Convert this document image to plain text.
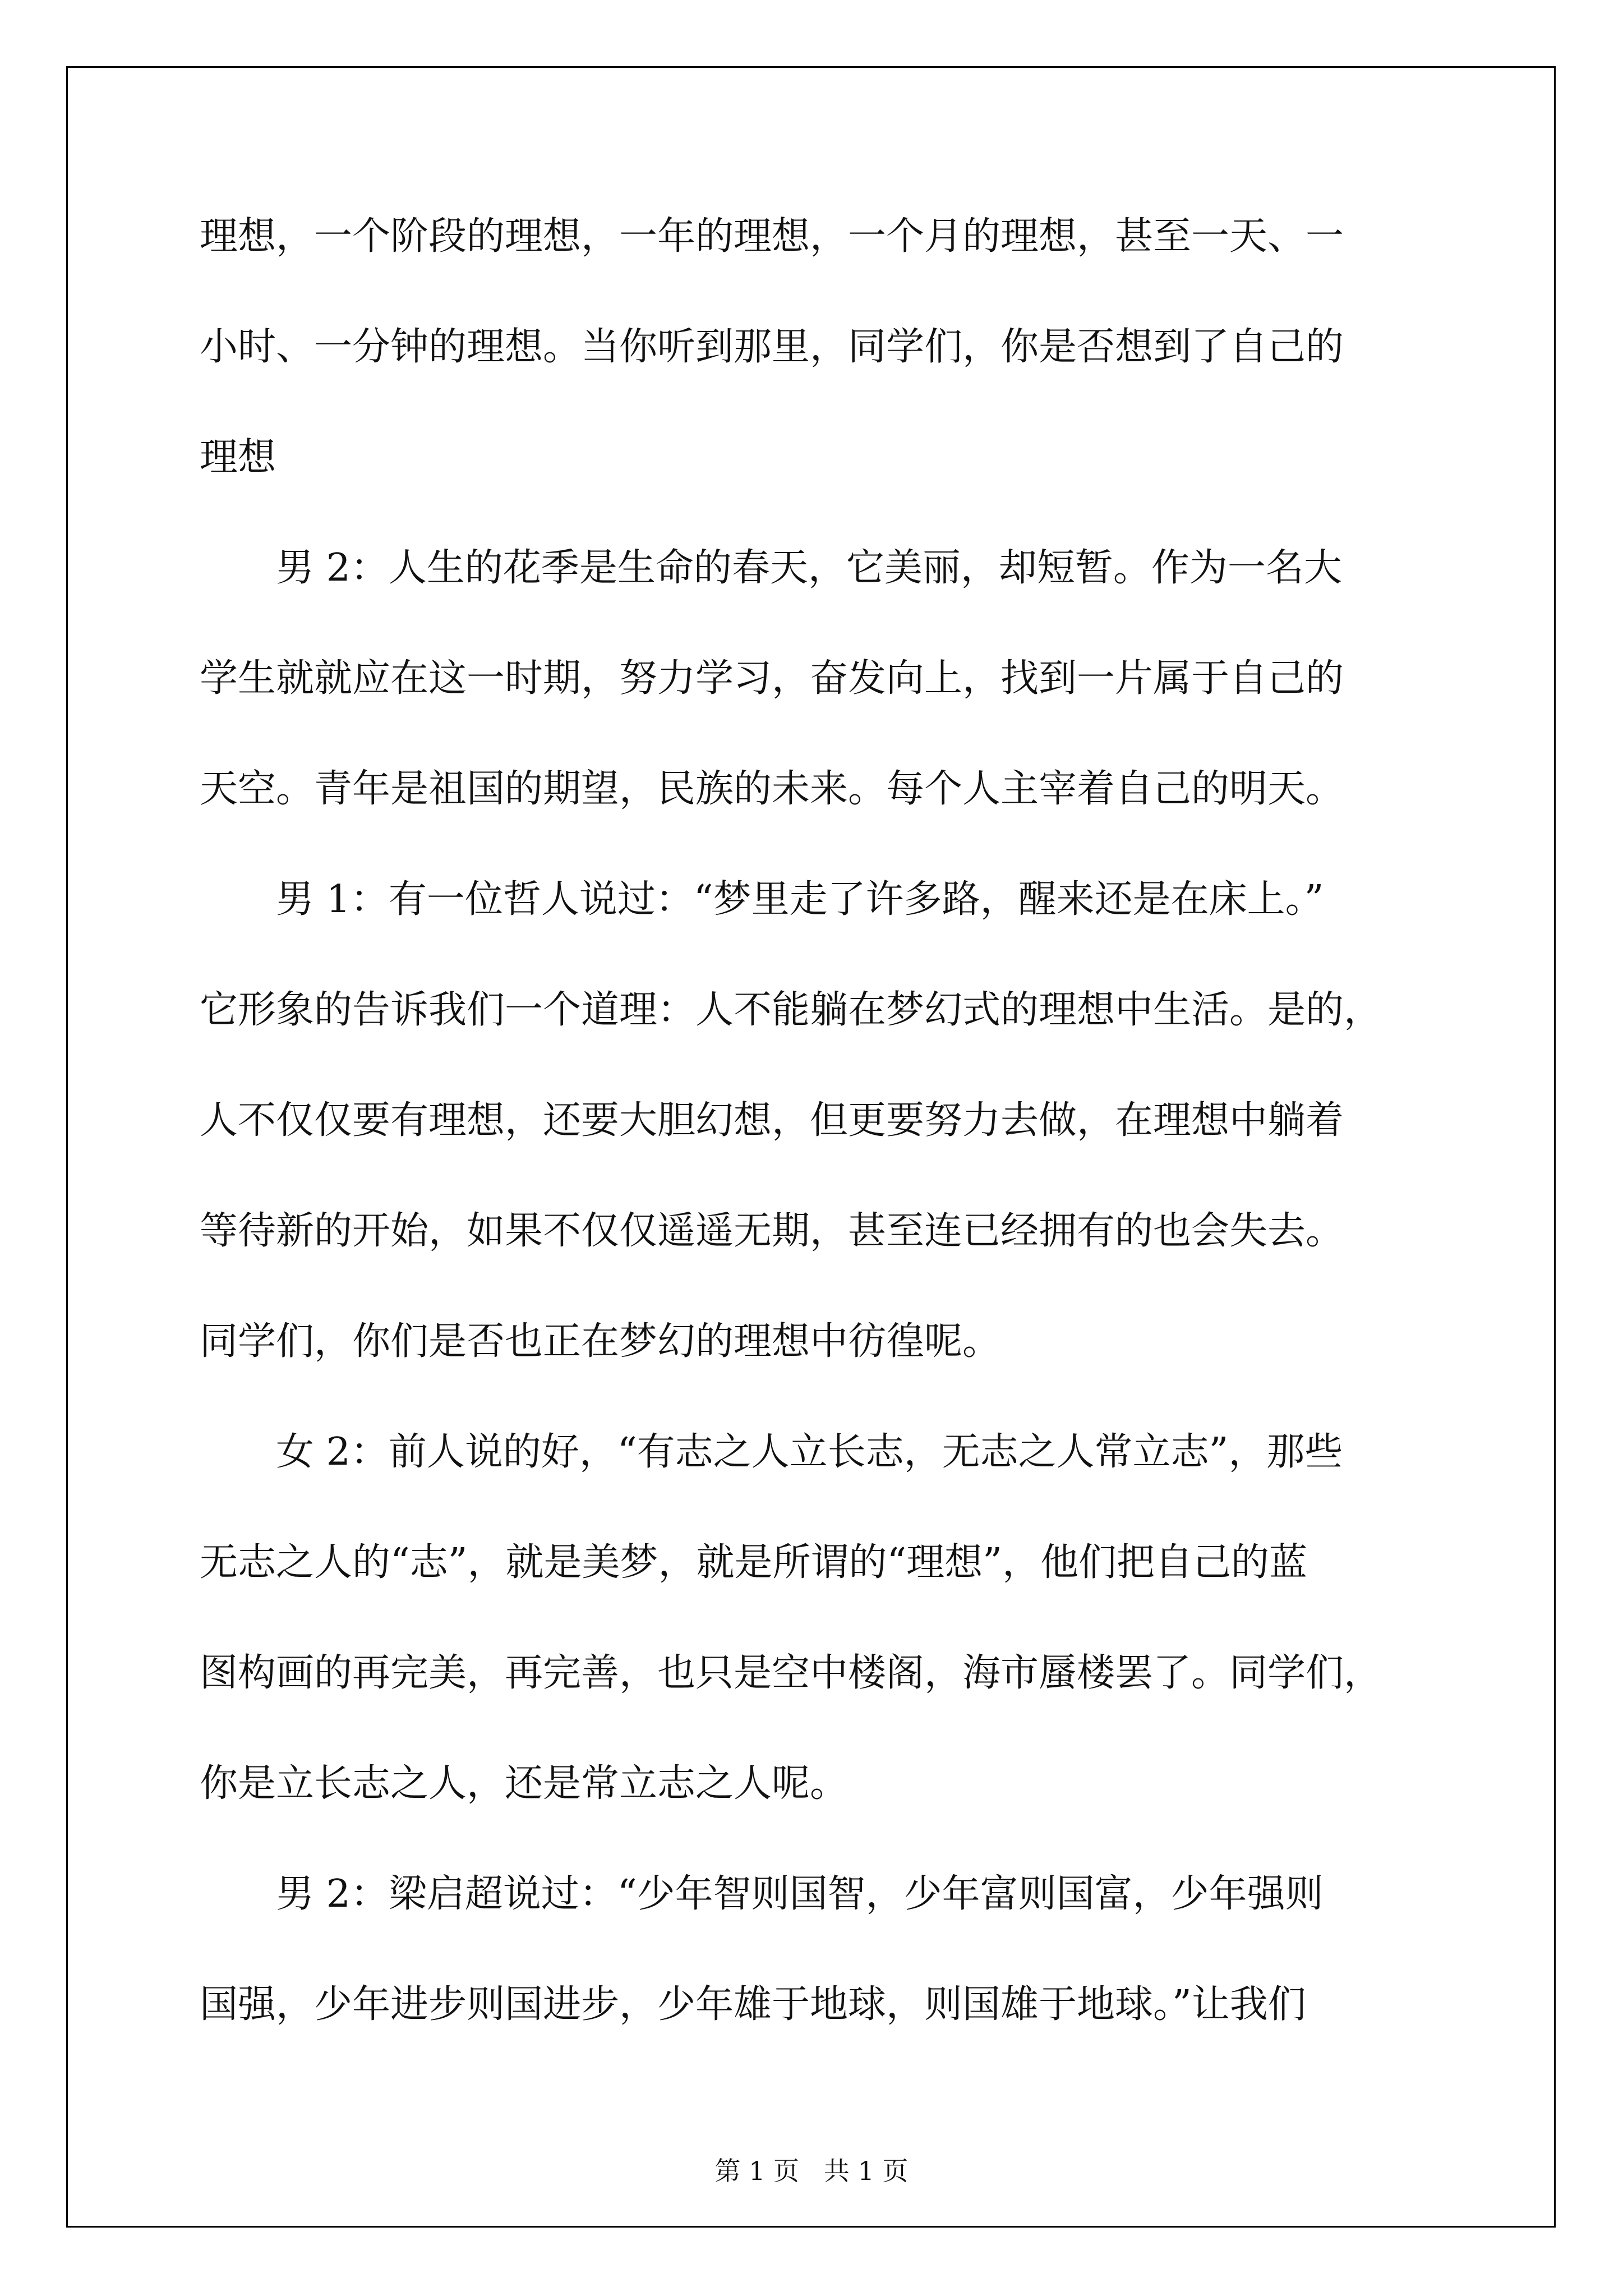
理想，一个阶段的理想，一年的理想，一个月的理想，甚至一天、一
小时、一分钟的理想。当你听到那里，同学们，你是否想到了自己的
理想
男 2：人生的花季是生命的春天，它美丽，却短暂。作为一名大
学生就就应在这一时期，努力学习，奋发向上，找到一片属于自己的
天空。青年是祖国的期望，民族的未来。每个人主宰着自己的明天。
男 1：有一位哲人说过：“梦里走了许多路，醒来还是在床上。”
它形象的告诉我们一个道理：人不能躺在梦幻式的理想中生活。是的，
人不仅仅要有理想，还要大胆幻想，但更要努力去做，在理想中躺着
等待新的开始，如果不仅仅遥遥无期，甚至连已经拥有的也会失去。
同学们，你们是否也正在梦幻的理想中彷徨呢。
女 2：前人说的好，“有志之人立长志，无志之人常立志”，那些
无志之人的“志”，就是美梦，就是所谓的“理想”，他们把自己的蓝
图构画的再完美，再完善，也只是空中楼阁，海市蜃楼罢了。同学们，
你是立长志之人，还是常立志之人呢。
男 2：梁启超说过：“少年智则国智，少年富则国富，少年强则
国强，少年进步则国进步，少年雄于地球，则国雄于地球。”让我们
第 1 页   共 1 页
